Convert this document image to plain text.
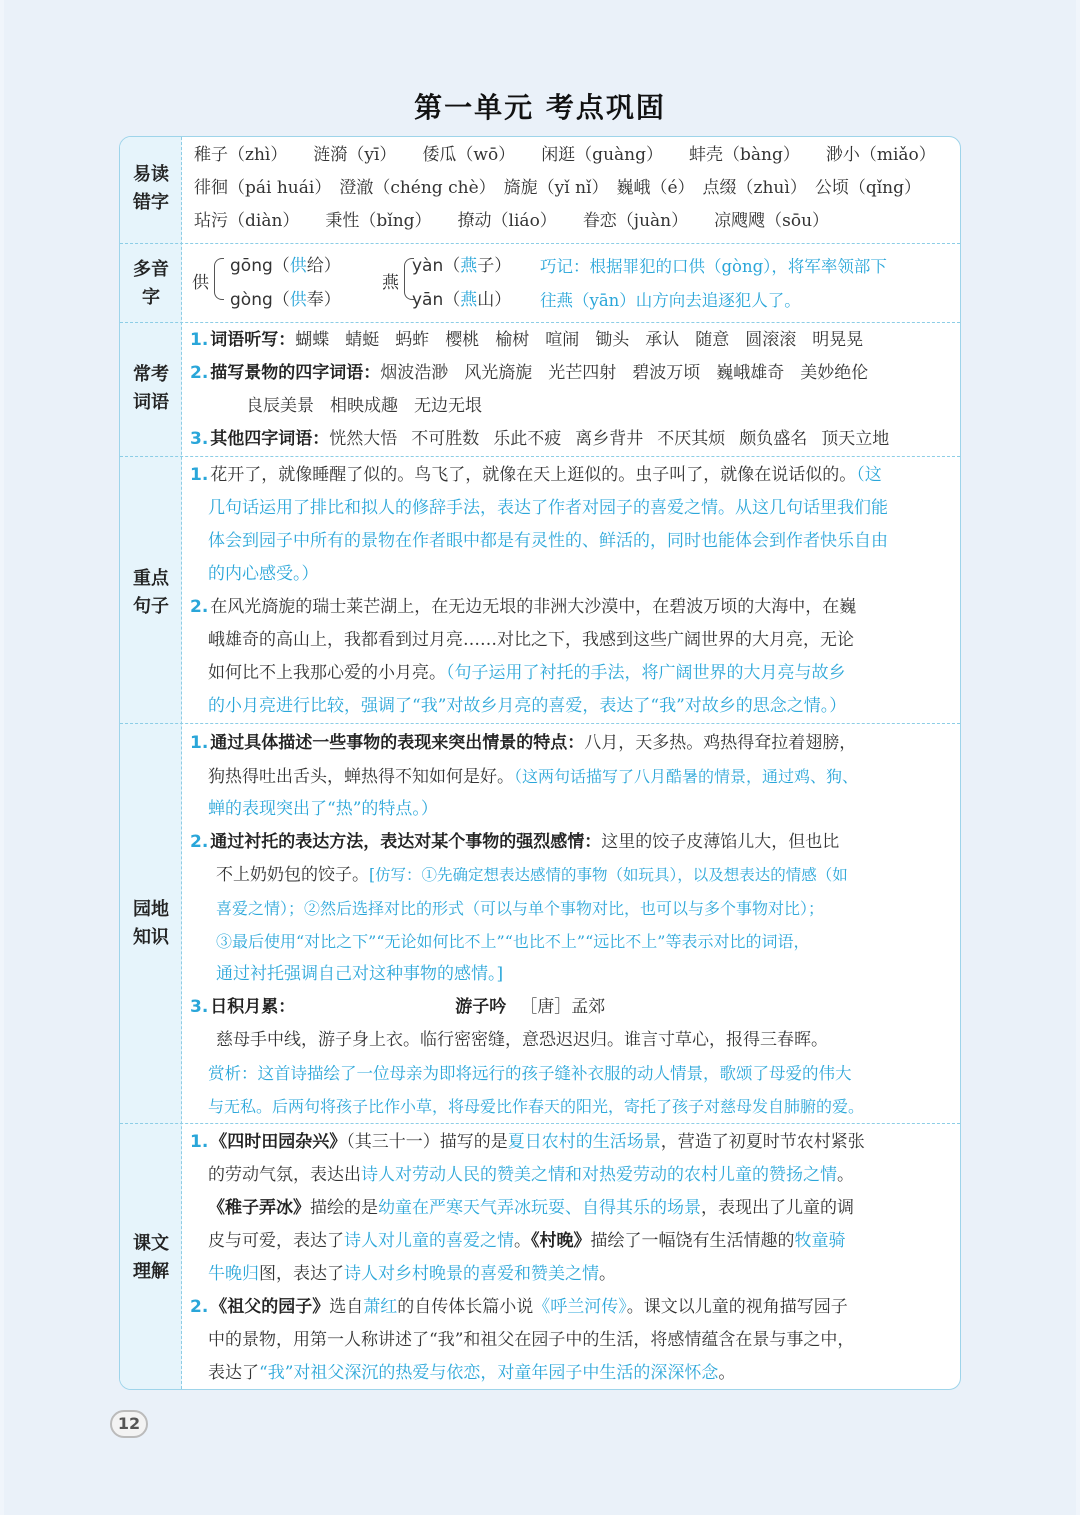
第一单元 考点巩固
易读
错字
稚子（zhì） 涟漪（yī） 倭瓜（wō） 闲逛（guàng） 蚌壳（bàng） 渺小（miǎo）
徘徊（pái huái） 澄澈（chéng chè） 旖旎（yǐ nǐ） 巍峨（é） 点缀（zhuì） 公顷（qǐng）
玷污（diàn） 秉性（bǐng） 撩动（liáo） 眷恋（juàn） 凉飕飕（sōu）
多音
字
供
gōng（供给）
gòng（供奉）
燕
yàn（燕子）
yān（燕山）
巧记：根据罪犯的口供（gòng），将军率领部下
往燕（yān）山方向去追逐犯人了。
常考
词语
1. 词语听写：蝴蝶 蜻蜓 蚂蚱 樱桃 榆树 喧闹 锄头 承认 随意 圆滚滚 明晃晃
2. 描写景物的四字词语：烟波浩渺 风光旖旎 光芒四射 碧波万顷 巍峨雄奇 美妙绝伦
良辰美景 相映成趣 无边无垠
3. 其他四字词语：恍然大悟 不可胜数 乐此不疲 离乡背井 不厌其烦 颇负盛名 顶天立地
重点
句子
1. 花开了，就像睡醒了似的。鸟飞了，就像在天上逛似的。虫子叫了，就像在说话似的。（这
几句话运用了排比和拟人的修辞手法，表达了作者对园子的喜爱之情。从这几句话里我们能
体会到园子中所有的景物在作者眼中都是有灵性的、鲜活的，同时也能体会到作者快乐自由
的内心感受。）
2. 在风光旖旎的瑞士莱芒湖上，在无边无垠的非洲大沙漠中，在碧波万顷的大海中，在巍
峨雄奇的高山上，我都看到过月亮……对比之下，我感到这些广阔世界的大月亮，无论
如何比不上我那心爱的小月亮。（句子运用了衬托的手法，将广阔世界的大月亮与故乡
的小月亮进行比较，强调了“我”对故乡月亮的喜爱，表达了“我”对故乡的思念之情。）
园地
知识
1. 通过具体描述一些事物的表现来突出情景的特点：八月，天多热。鸡热得耷拉着翅膀，
狗热得吐出舌头，蝉热得不知如何是好。（这两句话描写了八月酷暑的情景，通过鸡、狗、
蝉的表现突出了“热”的特点。）
2. 通过衬托的表达方法，表达对某个事物的强烈感情：这里的饺子皮薄馅儿大，但也比
不上奶奶包的饺子。[仿写：①先确定想表达感情的事物（如玩具），以及想表达的情感（如
喜爱之情）；②然后选择对比的形式（可以与单个事物对比，也可以与多个事物对比）；
③最后使用“对比之下”“无论如何比不上”“也比不上”“远比不上”等表示对比的词语，
通过衬托强调自己对这种事物的感情。]
3. 日积月累：	游子吟 ［唐］孟郊
慈母手中线，游子身上衣。临行密密缝，意恐迟迟归。谁言寸草心，报得三春晖。
赏析：这首诗描绘了一位母亲为即将远行的孩子缝补衣服的动人情景，歌颂了母爱的伟大
与无私。后两句将孩子比作小草，将母爱比作春天的阳光，寄托了孩子对慈母发自肺腑的爱。
课文
理解
1. 《四时田园杂兴》（其三十一）描写的是夏日农村的生活场景，营造了初夏时节农村紧张
的劳动气氛，表达出诗人对劳动人民的赞美之情和对热爱劳动的农村儿童的赞扬之情。
《稚子弄冰》描绘的是幼童在严寒天气弄冰玩耍、自得其乐的场景，表现出了儿童的调
皮与可爱，表达了诗人对儿童的喜爱之情。《村晚》描绘了一幅饶有生活情趣的牧童骑
牛晚归图，表达了诗人对乡村晚景的喜爱和赞美之情。
2. 《祖父的园子》选自萧红的自传体长篇小说《呼兰河传》。课文以儿童的视角描写园子
中的景物，用第一人称讲述了“我”和祖父在园子中的生活，将感情蕴含在景与事之中，
表达了“我”对祖父深沉的热爱与依恋，对童年园子中生活的深深怀念。
12
